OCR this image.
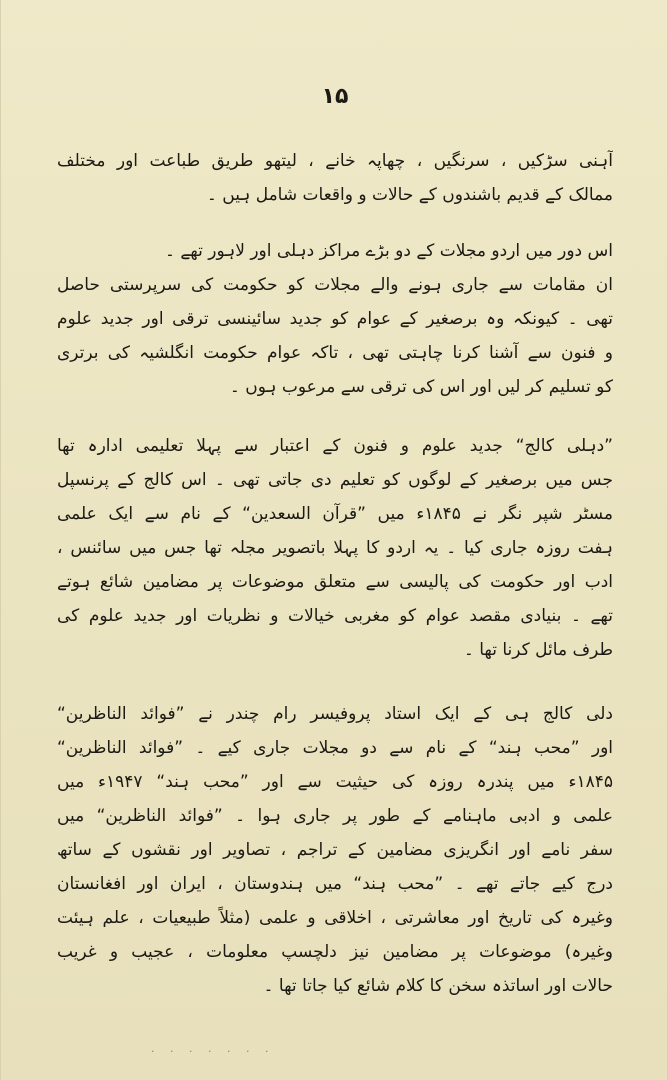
۱۵
آہنی سڑکیں ، سرنگیں ، چھاپہ خانے ، لیتھو طریق طباعت اور مختلف
ممالک کے قدیم باشندوں کے حالات و واقعات شامل ہیں ۔
اس دور میں اردو مجلات کے دو بڑے مراکز دہلی اور لاہور تھے ۔
ان مقامات سے جاری ہونے والے مجلات کو حکومت کی سرپرستی حاصل
تھی ۔ کیونکہ وہ برصغیر کے عوام کو جدید سائینسی ترقی اور جدید علوم
و فنون سے آشنا کرنا چاہتی تھی ، تاکہ عوام حکومت انگلشیہ کی برتری
کو تسلیم کر لیں اور اس کی ترقی سے مرعوب ہوں ۔
”دہلی کالج“ جدید علوم و فنون کے اعتبار سے پہلا تعلیمی ادارہ تھا
جس میں برصغیر کے لوگوں کو تعلیم دی جاتی تھی ۔ اس کالج کے پرنسپل
مسٹر شپر نگر نے ۱۸۴۵ء میں ”قرآن السعدین“ کے نام سے ایک علمی
ہفت روزہ جاری کیا ۔ یہ اردو کا پہلا باتصویر مجلہ تھا جس میں سائنس ،
ادب اور حکومت کی پالیسی سے متعلق موضوعات پر مضامین شائع ہوتے
تھے ۔ بنیادی مقصد عوام کو مغربی خیالات و نظریات اور جدید علوم کی
طرف مائل کرنا تھا ۔
دلی کالج ہی کے ایک استاد پروفیسر رام چندر نے ”فوائد الناظرین“
اور ”محب ہند“ کے نام سے دو مجلات جاری کیے ۔ ”فوائد الناظرین“
۱۸۴۵ء میں پندرہ روزہ کی حیثیت سے اور ”محب ہند“ ۱۹۴۷ء میں
علمی و ادبی ماہنامے کے طور پر جاری ہوا ۔ ”فوائد الناظرین“ میں
سفر نامے اور انگریزی مضامین کے تراجم ، تصاویر اور نقشوں کے ساتھ
درج کیے جاتے تھے ۔ ”محب ہند“ میں ہندوستان ، ایران اور افغانستان
وغیرہ کی تاریخ اور معاشرتی ، اخلاقی و علمی (مثلاً طبیعیات ، علم ہیئت
وغیرہ) موضوعات پر مضامین نیز دلچسپ معلومات ، عجیب و غریب
حالات اور اساتذہ سخن کا کلام شائع کیا جاتا تھا ۔
. . . . . . .
